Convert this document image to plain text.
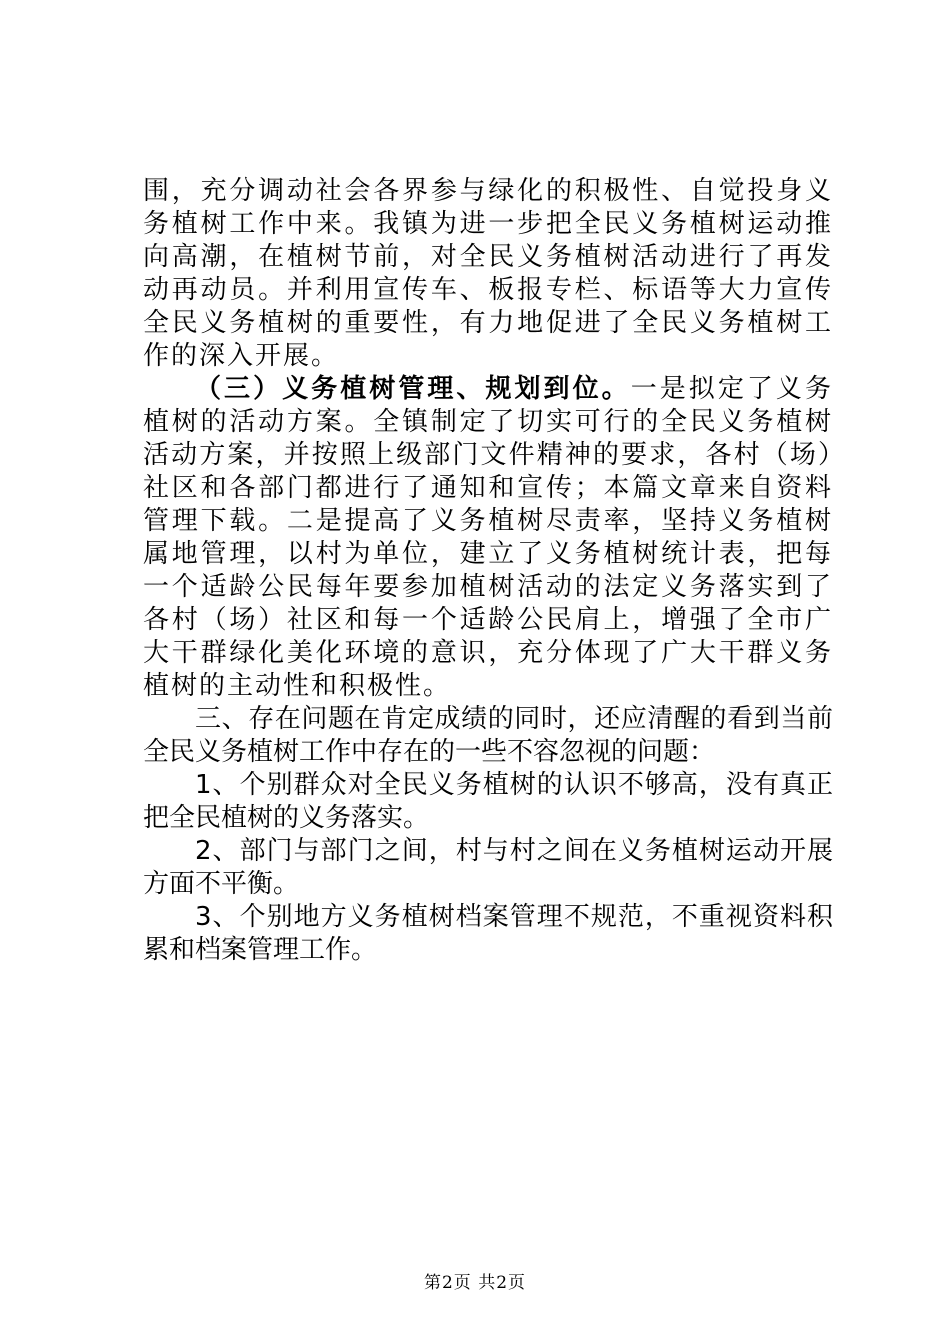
围，充分调动社会各界参与绿化的积极性、自觉投身义务植树工作中来。我镇为进一步把全民义务植树运动推向高潮，在植树节前，对全民义务植树活动进行了再发动再动员。并利用宣传车、板报专栏、标语等大力宣传全民义务植树的重要性，有力地促进了全民义务植树工作的深入开展。

（三）义务植树管理、规划到位。一是拟定了义务植树的活动方案。全镇制定了切实可行的全民义务植树活动方案，并按照上级部门文件精神的要求，各村（场）社区和各部门都进行了通知和宣传；本篇文章来自资料管理下载。二是提高了义务植树尽责率，坚持义务植树属地管理，以村为单位，建立了义务植树统计表，把每一个适龄公民每年要参加植树活动的法定义务落实到了各村（场）社区和每一个适龄公民肩上，增强了全市广大干群绿化美化环境的意识，充分体现了广大干群义务植树的主动性和积极性。

三、存在问题在肯定成绩的同时，还应清醒的看到当前全民义务植树工作中存在的一些不容忽视的问题：

1、个别群众对全民义务植树的认识不够高，没有真正把全民植树的义务落实。

2、部门与部门之间，村与村之间在义务植树运动开展方面不平衡。

3、个别地方义务植树档案管理不规范，不重视资料积累和档案管理工作。

第2页 共2页
